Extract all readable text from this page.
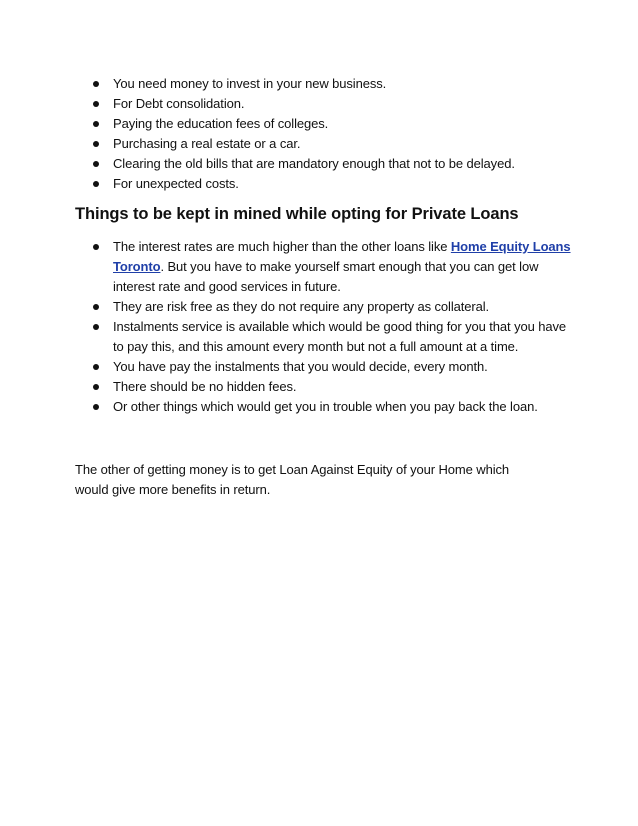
You need money to invest in your new business.
For Debt consolidation.
Paying the education fees of colleges.
Purchasing a real estate or a car.
Clearing the old bills that are mandatory enough that not to be delayed.
For unexpected costs.
Things to be kept in mined while opting for Private Loans
The interest rates are much higher than the other loans like Home Equity Loans Toronto. But you have to make yourself smart enough that you can get low interest rate and good services in future.
They are risk free as they do not require any property as collateral.
Instalments service is available which would be good thing for you that you have to pay this, and this amount every month but not a full amount at a time.
You have pay the instalments that you would decide, every month.
There should be no hidden fees.
Or other things which would get you in trouble when you pay back the loan.

The other of getting money is to get Loan Against Equity of your Home which would give more benefits in return.
